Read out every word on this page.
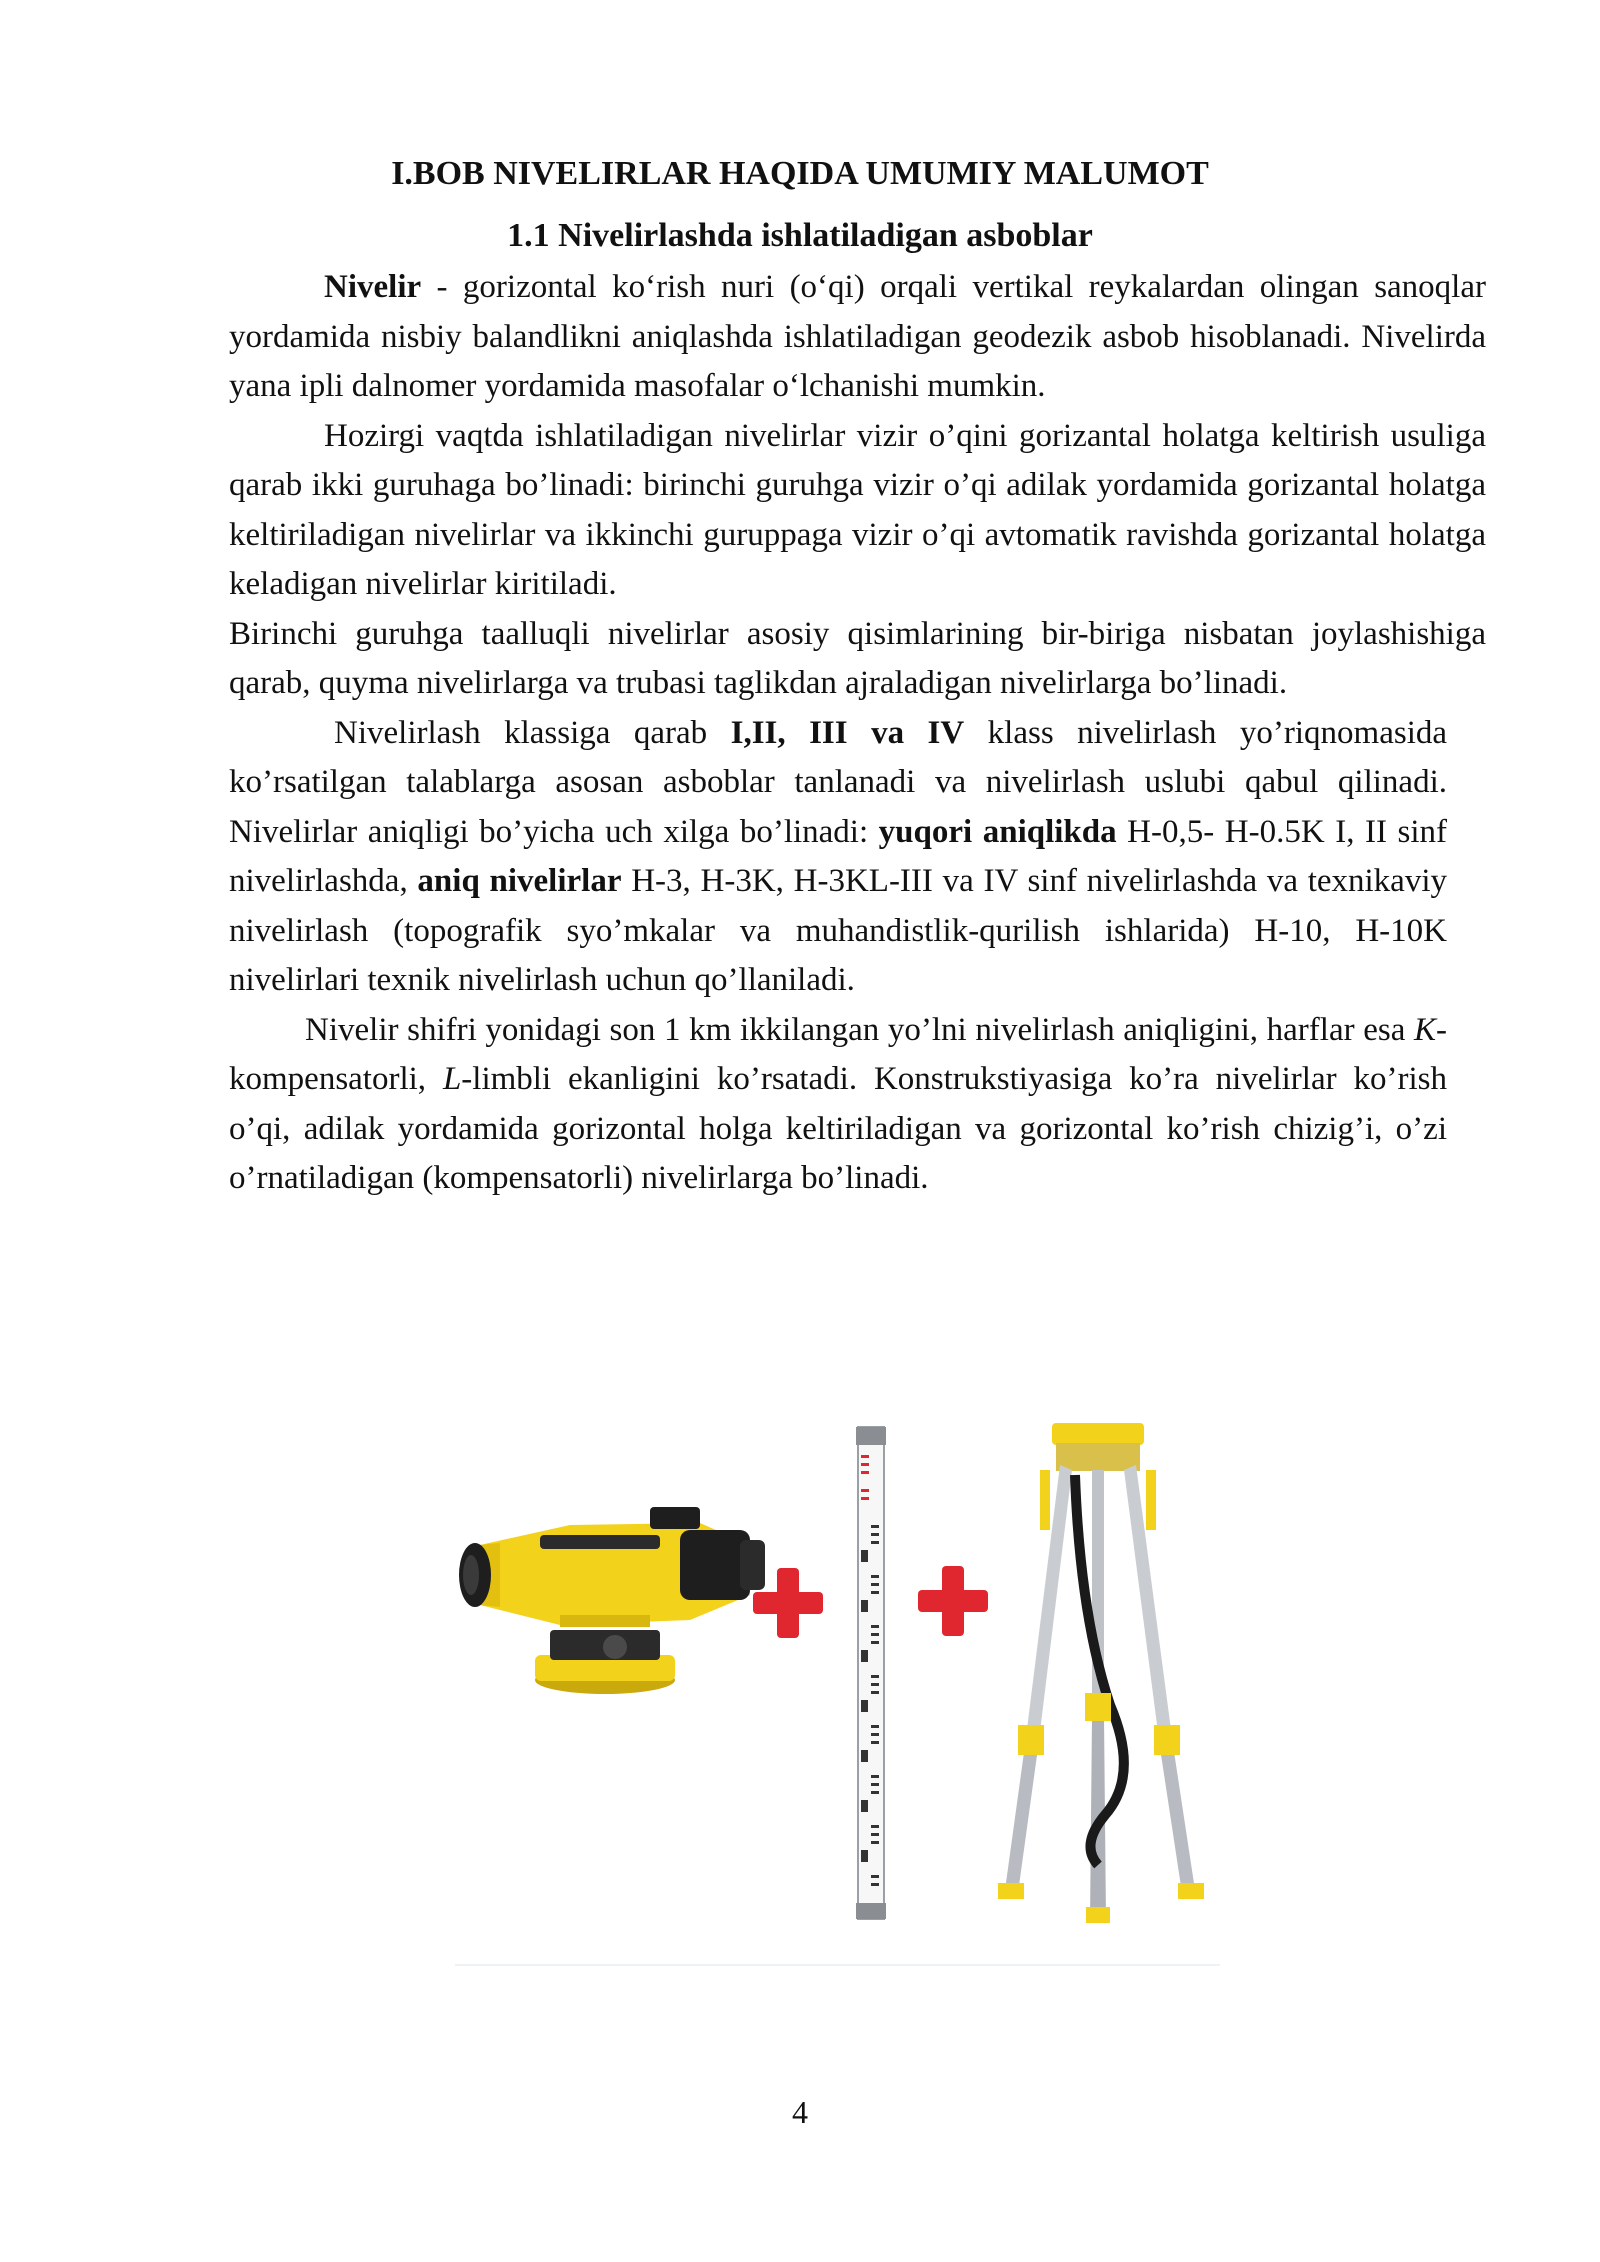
I.BOB NIVELIRLAR HAQIDA UMUMIY MALUMOT
1.1 Nivelirlashda ishlatiladigan asboblar

Nivelir - gorizontal ko‘rish nuri (o‘qi) orqali vertikal reykalardan olingan sanoqlar yordamida nisbiy balandlikni aniqlashda ishlatiladigan geodezik asbob hisoblanadi. Nivelirda yana ipli dalnomer yordamida masofalar o‘lchanishi mumkin.

Hozirgi vaqtda ishlatiladigan nivelirlar vizir o’qini gorizantal holatga keltirish usuliga qarab ikki guruhaga bo’linadi: birinchi guruhga vizir o’qi adilak yordamida gorizantal holatga keltiriladigan nivelirlar va ikkinchi guruppaga vizir o’qi avtomatik ravishda gorizantal holatga keladigan nivelirlar kiritiladi.

Birinchi guruhga taalluqli nivelirlar asosiy qisimlarining bir-biriga nisbatan joylashishiga qarab, quyma nivelirlarga va trubasi taglikdan ajraladigan nivelirlarga bo’linadi.

Nivelirlash klassiga qarab I,II, III va IV klass nivelirlash yo’riqnomasida ko’rsatilgan talablarga asosan asboblar tanlanadi va nivelirlash uslubi qabul qilinadi. Nivelirlar aniqligi bo’yicha uch xilga bo’linadi: yuqori aniqlikda H-0,5- H-0.5K I, II sinf nivelirlashda, aniq nivelirlar H-3, H-3K, H-3KL-III va IV sinf nivelirlashda va texnikaviy nivelirlash (topografik syo’mkalar va muhandistlik-qurilish ishlarida) H-10, H-10K nivelirlari texnik nivelirlash uchun qo’llaniladi.

Nivelir shifri yonidagi son 1 km ikkilangan yo’lni nivelirlash aniqligini, harflar esa K-kompensatorli, L-limbli ekanligini ko’rsatadi. Konstrukstiyasiga ko’ra nivelirlar ko’rish o’qi, adilak yordamida gorizontal holga keltiriladigan va gorizontal ko’rish chizig’i, o’zi o’rnatiladigan (kompensatorli) nivelirlarga bo’linadi.

4
